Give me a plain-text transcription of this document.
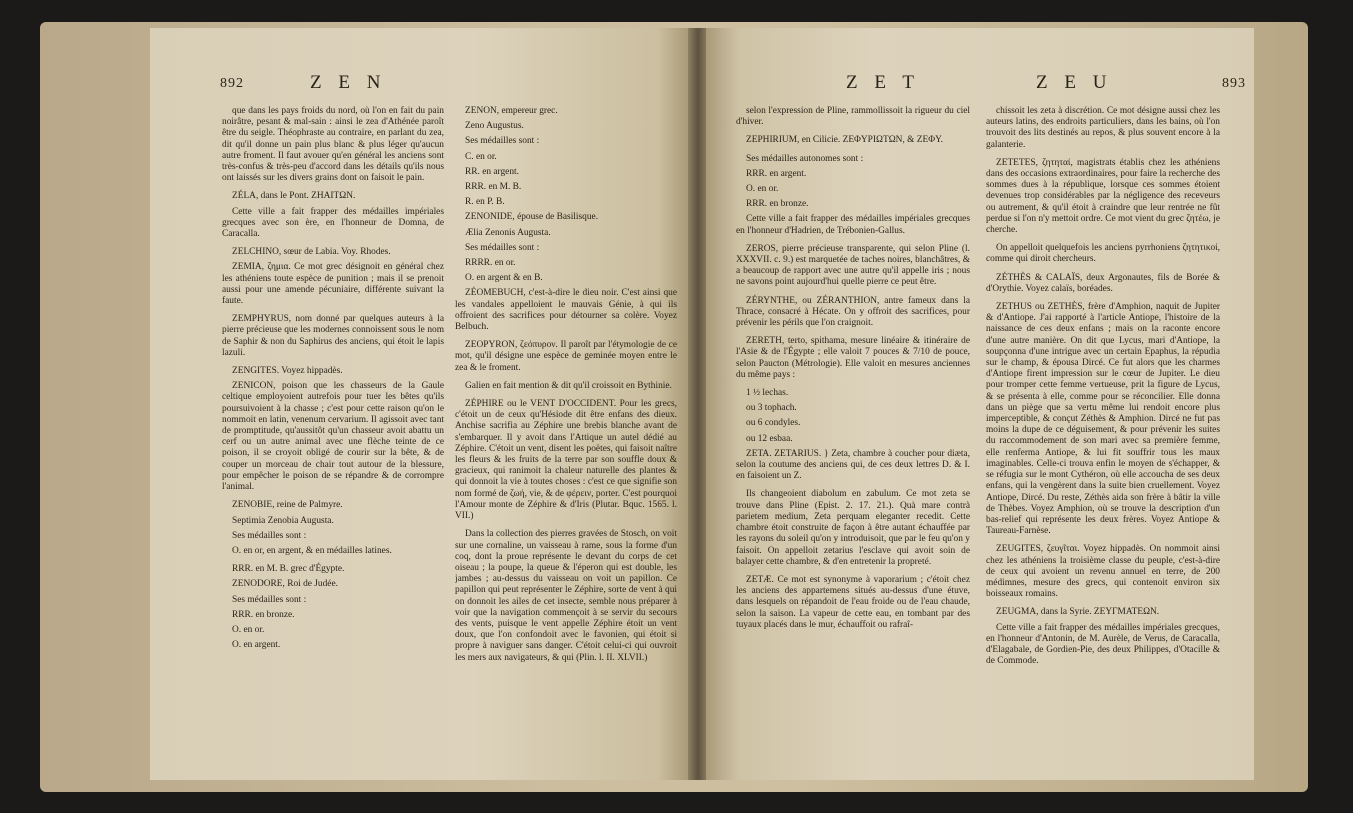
892	Z E N

que dans les pays froids du nord, où l'on en fait du pain noirâtre, pesant & mal-sain : ainsi le zea d'Athénée paroît être du seigle. Théophraste au contraire, en parlant du zea, dit qu'il donne un pain plus blanc & plus léger qu'aucun autre froment. Il faut avouer qu'en général les anciens sont très-confus & très-peu d'accord dans les détails qu'ils nous ont laissés sur les divers grains dont on faisoit le pain.

ZÉLA, dans le Pont. ZHAITΩN.

Cette ville a fait frapper des médailles impériales grecques avec son ère, en l'honneur de Domna, de Caracalla.

ZELCHINO, sœur de Labia. Voy. Rhodes.

ZEMIA, ζημια. Ce mot grec désignoit en général chez les athéniens toute espèce de punition ; mais il se prenoit aussi pour une amende pécuniaire, différente suivant la faute.

ZEMPHYRUS, nom donné par quelques auteurs à la pierre précieuse que les modernes connoissent sous le nom de Saphir & non du Saphirus des anciens, qui étoit le lapis lazuli.

ZENGITES. Voyez hippadès.

ZENICON, poison que les chasseurs de la Gaule celtique employoient autrefois pour tuer les bêtes qu'ils poursuivoient à la chasse ; c'est pour cette raison qu'on le nommoit en latin, venenum cervarium. Il agissoit avec tant de promptitude, qu'aussitôt qu'un chasseur avoit abattu un cerf ou un autre animal avec une flèche teinte de ce poison, il se croyoit obligé de courir sur la bête, & de couper un morceau de chair tout autour de la blessure, pour empêcher le poison de se répandre & de corrompre l'animal.

ZENOBIE, reine de Palmyre.

Septimia Zenobia Augusta.

Ses médailles sont :

O. en or, en argent, & en médailles latines.

RRR. en M. B. grec d'Égypte.

ZENODORE, Roi de Judée.

Ses médailles sont :

RRR. en bronze.

O. en or.

O. en argent.

ZÉNON, empereur grec.

Zeno Augustus.

Ses médailles sont :

C. en or.

RR. en argent.

RRR. en M. B.

R. en P. B.

ZENONIDE, épouse de Basilisque.

Ælia Zenonis Augusta.

Ses médailles sont :

RRRR. en or.

O. en argent & en B.

ZÉOMEBUCH, c'est-à-dire le dieu noir. C'est ainsi que les vandales appelloient le mauvais Génie, à qui ils offroient des sacrifices pour détourner sa colère. Voyez Belbuch.

ZEOPYRON, ζεόπυρον. Il paroît par l'étymologie de ce mot, qu'il désigne une espèce de geminée moyen entre le zea & le froment.

Galien en fait mention & dit qu'il croissoit en Bythinie.

ZÉPHIRE ou le VENT D'OCCIDENT. Pour les grecs, c'étoit un de ceux qu'Hésiode dit être enfans des dieux. Anchise sacrifia au Zéphire une brebis blanche avant de s'embarquer. Il y avoit dans l'Attique un autel dédié au Zéphire. C'étoit un vent, disent les poëtes, qui faisoit naître les fleurs & les fruits de la terre par son souffle doux & gracieux, qui ranimoit la chaleur naturelle des plantes & qui donnoit la vie à toutes choses : c'est ce que signifie son nom formé de ζωή, vie, & de φέρειν, porter. C'est pourquoi l'Amour monte de Zéphire & d'Iris (Plutar. Bquc. 1565. l. VII.)

Dans la collection des pierres gravées de Stosch, on voit sur une cornaline, un vaisseau à rame, sous la forme d'un coq, dont la proue représente le devant du corps de cet oiseau ; la poupe, la queue & l'éperon qui est double, les jambes ; au-dessus du vaisseau on voit un papillon. Ce papillon qui peut représenter le Zéphire, sorte de vent à qui on donnoit les ailes de cet insecte, semble nous préparer à voir que la navigation commençoit à se servir du secours des vents, puisque le vent appelle Zéphire étoit un vent doux, que l'on confondoit avec le favonien, qui étoit si propre à naviguer sans danger. C'étoit celui-ci qui ouvroit les mers aux navigateurs, & qui (Plin. l. II. XLVII.)

Z E T	Z E U	893

selon l'expression de Pline, rammollissoit la rigueur du ciel d'hiver.

ZEPHIRIUM, en Cilicie. ZEΦYPIΩTΩN, & ZEΦY.

Ses médailles autonomes sont :

RRR. en argent.

O. en or.

RRR. en bronze.

Cette ville a fait frapper des médailles impériales grecques en l'honneur d'Hadrien, de Trébonien-Gallus.

ZEROS, pierre précieuse transparente, qui selon Pline (l. XXXVII. c. 9.) est marquetée de taches noires, blanchâtres, & a beaucoup de rapport avec une autre qu'il appelle iris ; nous ne savons point aujourd'hui quelle pierre ce peut être.

ZÉRYNTHE, ou ZÉRANTHION, antre fameux dans la Thrace, consacré à Hécate. On y offroit des sacrifices, pour prévenir les périls que l'on craignoit.

ZERETH, terto, spithama, mesure linéaire & itinéraire de l'Asie & de l'Égypte ; elle valoit 7 pouces & 7/10 de pouce, selon Paucton (Métrologie). Elle valoit en mesures anciennes du même pays :

1 ½ lechas.

ou 3 tophach.

ou 6 condyles.

ou 12 esbaa.

ZETA. ZETARIUS. } Zeta, chambre à coucher pour diæta, selon la coutume des anciens qui, de ces deux lettres D. & I. en faisoient un Z.

Ils changeoient diabolum en zabulum. Ce mot zeta se trouve dans Pline (Epist. 2. 17. 21.). Quà mare contrà parietem medium, Zeta perquam eleganter recedit. Cette chambre étoit construite de façon à être autant échauffée par les rayons du soleil qu'on y introduisoit, que par le feu qu'on y faisoit. On appelloit zetarius l'esclave qui avoit soin de balayer cette chambre, & d'en entretenir la propreté.

ZETÆ. Ce mot est synonyme à vaporarium ; c'étoit chez les anciens des appartemens situés au-dessus d'une étuve, dans lesquels on répandoit de l'eau froide ou de l'eau chaude, selon la saison. La vapeur de cette eau, en tombant par des tuyaux placés dans le mur, échauffoit ou rafraî-

chissoit les zeta à discrétion. Ce mot désigne aussi chez les auteurs latins, des endroits particuliers, dans les bains, où l'on trouvoit des lits destinés au repos, & plus souvent encore à la galanterie.

ZETETES, ζητηταί, magistrats établis chez les athéniens dans des occasions extraordinaires, pour faire la recherche des sommes dues à la république, lorsque ces sommes étoient devenues trop considérables par la négligence des receveurs ou autrement, & qu'il étoit à craindre que leur rentrée ne fût perdue si l'on n'y mettoit ordre. Ce mot vient du grec ζητέω, je cherche.

On appelloit quelquefois les anciens pyrrhoniens ζητητικοί, comme qui diroit chercheurs.

ZÉTHÈS & CALAÏS, deux Argonautes, fils de Borée & d'Orythie. Voyez calaïs, boréades.

ZETHUS ou ZETHÈS, frère d'Amphion, naquit de Jupiter & d'Antiope. J'ai rapporté à l'article Antiope, l'histoire de la naissance de ces deux enfans ; mais on la raconte encore d'une autre manière. On dit que Lycus, mari d'Antiope, la soupçonna d'une intrigue avec un certain Epaphus, la répudia sur le champ, & épousa Dircé. Ce fut alors que les charmes d'Antiope firent impression sur le cœur de Jupiter. Le dieu pour tromper cette femme vertueuse, prit la figure de Lycus, & se présenta à elle, comme pour se réconcilier. Elle donna dans un piège que sa vertu même lui rendoit encore plus imperceptible, & conçut Zéthès & Amphion. Dircé ne fut pas moins la dupe de ce déguisement, & pour prévenir les suites du raccommodement de son mari avec sa première femme, elle renferma Antiope, & lui fit souffrir tous les maux imaginables. Celle-ci trouva enfin le moyen de s'échapper, & se réfugia sur le mont Cythéron, où elle accoucha de ses deux enfans, qui la vengèrent dans la suite bien cruellement. Voyez Antiope, Dircé. Du reste, Zéthès aida son frère à bâtir la ville de Thèbes. Voyez Amphion, où se trouve la description d'un bas-relief qui représente les deux frères. Voyez Antiope & Taureau-Farnèse.

ZEUGITES, ζευγῖται. Voyez hippadès. On nommoit ainsi chez les athéniens la troisième classe du peuple, c'est-à-dire de ceux qui avoient un revenu annuel en terre, de 200 médimnes, mesure des grecs, qui contenoit environ six boisseaux romains.

ZEUGMA, dans la Syrie. ZEYΓMATEΩN.

Cette ville a fait frapper des médailles impériales grecques, en l'honneur d'Antonin, de M. Aurèle, de Verus, de Caracalla, d'Elagabale, de Gordien-Pie, des deux Philippes, d'Otacille & de Commode.
